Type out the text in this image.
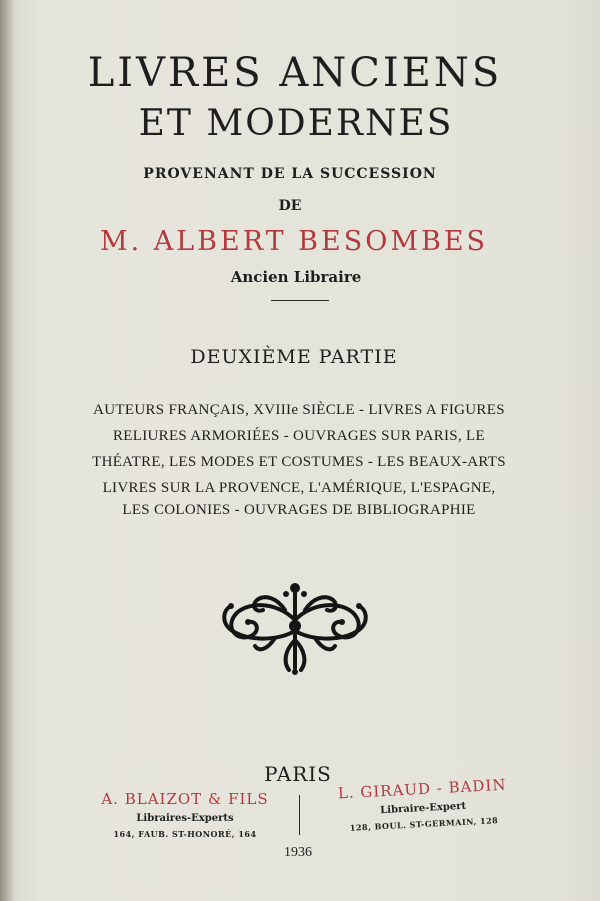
LIVRES ANCIENS
ET MODERNES
PROVENANT DE LA SUCCESSION
DE
M. ALBERT BESOMBES
Ancien Libraire
DEUXIÈME PARTIE
AUTEURS FRANÇAIS, XVIIIe SIÈCLE - LIVRES A FIGURES
RELIURES ARMORIÉES - OUVRAGES SUR PARIS, LE
THÉATRE, LES MODES ET COSTUMES - LES BEAUX-ARTS
LIVRES SUR LA PROVENCE, L'AMÉRIQUE, L'ESPAGNE,
LES COLONIES - OUVRAGES DE BIBLIOGRAPHIE
PARIS
A. BLAIZOT & FILS
Libraires-Experts
164, FAUB. ST-HONORÉ, 164
L. GIRAUD - BADIN
Libraire-Expert
128, BOUL. ST-GERMAIN, 128
1936
